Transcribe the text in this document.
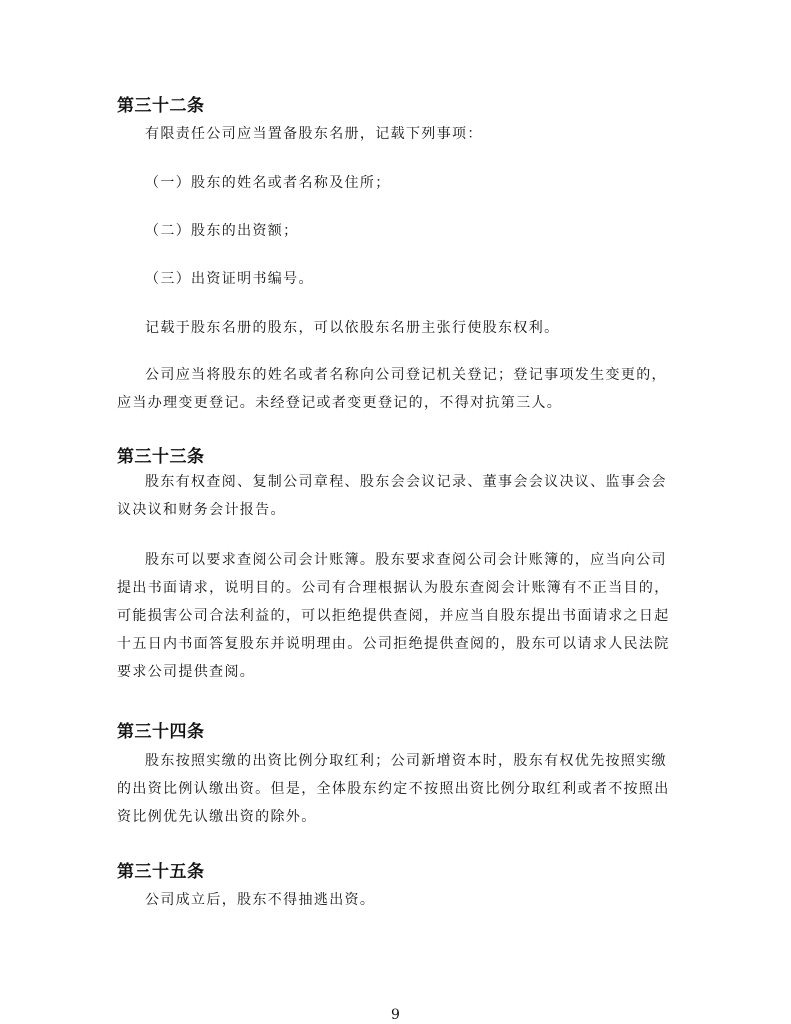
第三十二条
有限责任公司应当置备股东名册，记载下列事项：
（一）股东的姓名或者名称及住所；
（二）股东的出资额；
（三）出资证明书编号。
记载于股东名册的股东，可以依股东名册主张行使股东权利。
公司应当将股东的姓名或者名称向公司登记机关登记；登记事项发生变更的，应当办理变更登记。未经登记或者变更登记的，不得对抗第三人。
第三十三条
股东有权查阅、复制公司章程、股东会会议记录、董事会会议决议、监事会会议决议和财务会计报告。
股东可以要求查阅公司会计账簿。股东要求查阅公司会计账簿的，应当向公司提出书面请求，说明目的。公司有合理根据认为股东查阅会计账簿有不正当目的，可能损害公司合法利益的，可以拒绝提供查阅，并应当自股东提出书面请求之日起十五日内书面答复股东并说明理由。公司拒绝提供查阅的，股东可以请求人民法院要求公司提供查阅。
第三十四条
股东按照实缴的出资比例分取红利；公司新增资本时，股东有权优先按照实缴的出资比例认缴出资。但是，全体股东约定不按照出资比例分取红利或者不按照出资比例优先认缴出资的除外。
第三十五条
公司成立后，股东不得抽逃出资。
9
